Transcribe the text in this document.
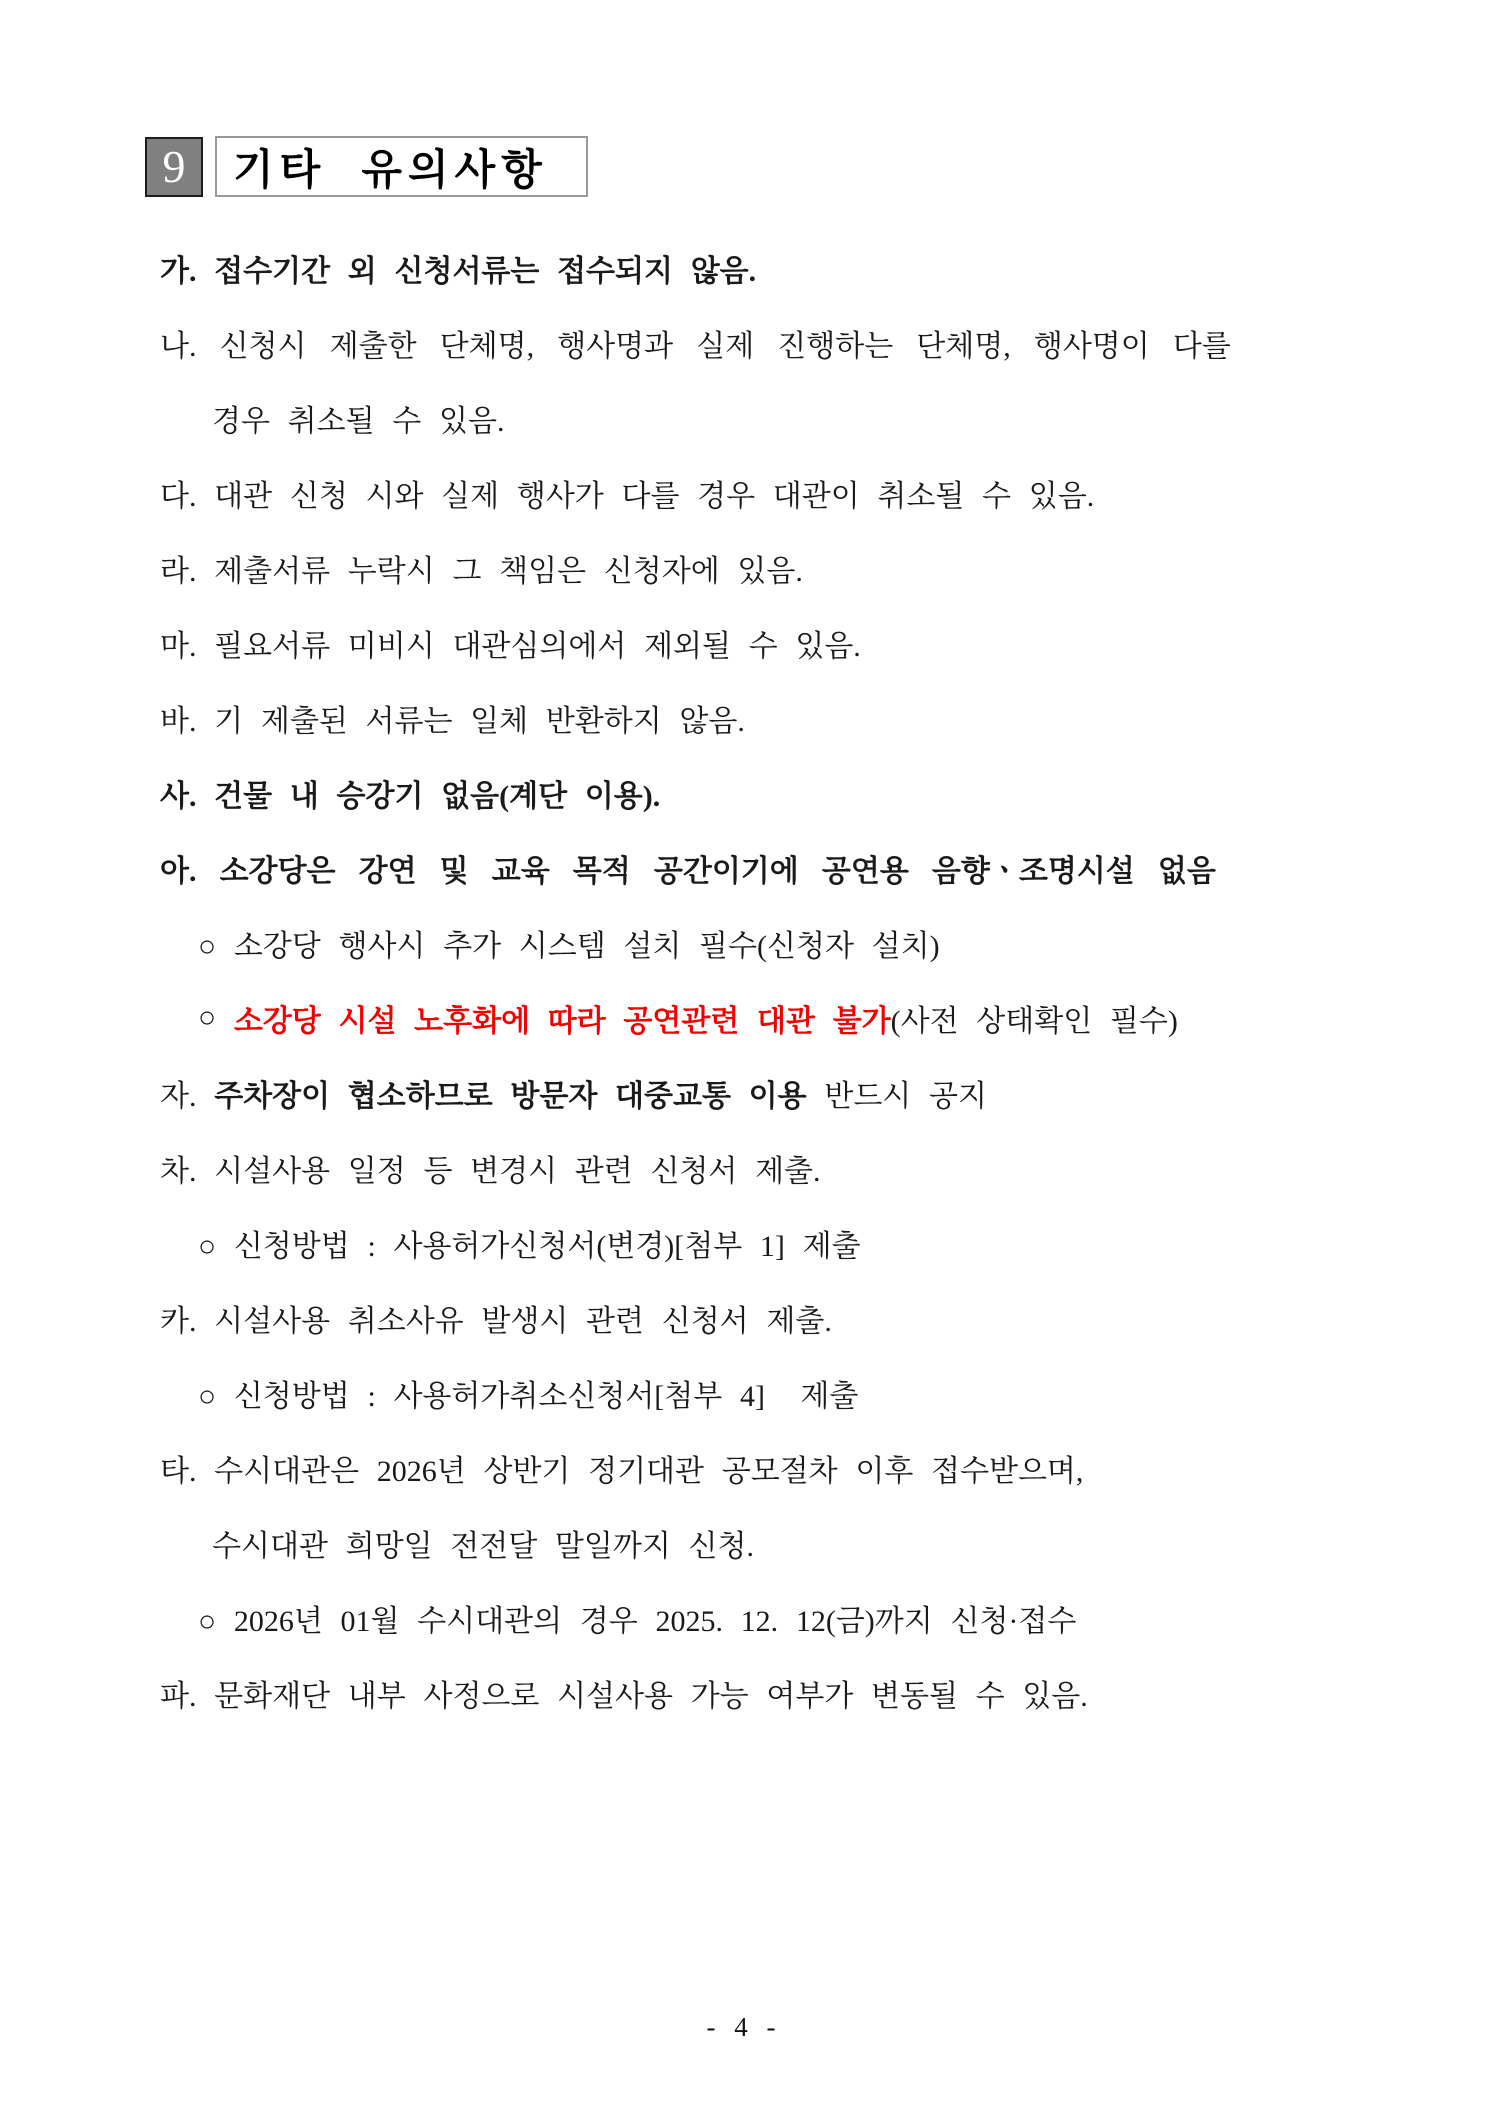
9 기타  유의사항
가. 접수기간 외 신청서류는 접수되지 않음.
나. 신청시 제출한 단체명, 행사명과 실제 진행하는 단체명, 행사명이 다를
경우 취소될 수 있음.
다. 대관 신청 시와 실제 행사가 다를 경우 대관이 취소될 수 있음.
라. 제출서류 누락시 그 책임은 신청자에 있음.
마. 필요서류 미비시 대관심의에서 제외될 수 있음.
바. 기 제출된 서류는 일체 반환하지 않음.
사. 건물 내 승강기 없음(계단 이용).
아. 소강당은 강연 및 교육 목적 공간이기에 공연용 음향ㆍ조명시설 없음
○ 소강당 행사시 추가 시스템 설치 필수(신청자 설치)
○ 소강당 시설 노후화에 따라 공연관련 대관 불가 (사전 상태확인 필수)
자. 주차장이 협소하므로 방문자 대중교통 이용 반드시 공지
차. 시설사용 일정 등 변경시 관련 신청서 제출.
○ 신청방법 : 사용허가신청서(변경)[첨부 1] 제출
카. 시설사용 취소사유 발생시 관련 신청서 제출.
○ 신청방법 : 사용허가취소신청서[첨부 4]  제출
타. 수시대관은 2026년 상반기 정기대관 공모절차 이후 접수받으며,
수시대관 희망일 전전달 말일까지 신청.
○ 2026년 01월 수시대관의 경우 2025. 12. 12(금)까지 신청·접수
파. 문화재단 내부 사정으로 시설사용 가능 여부가 변동될 수 있음.
- 4 -
